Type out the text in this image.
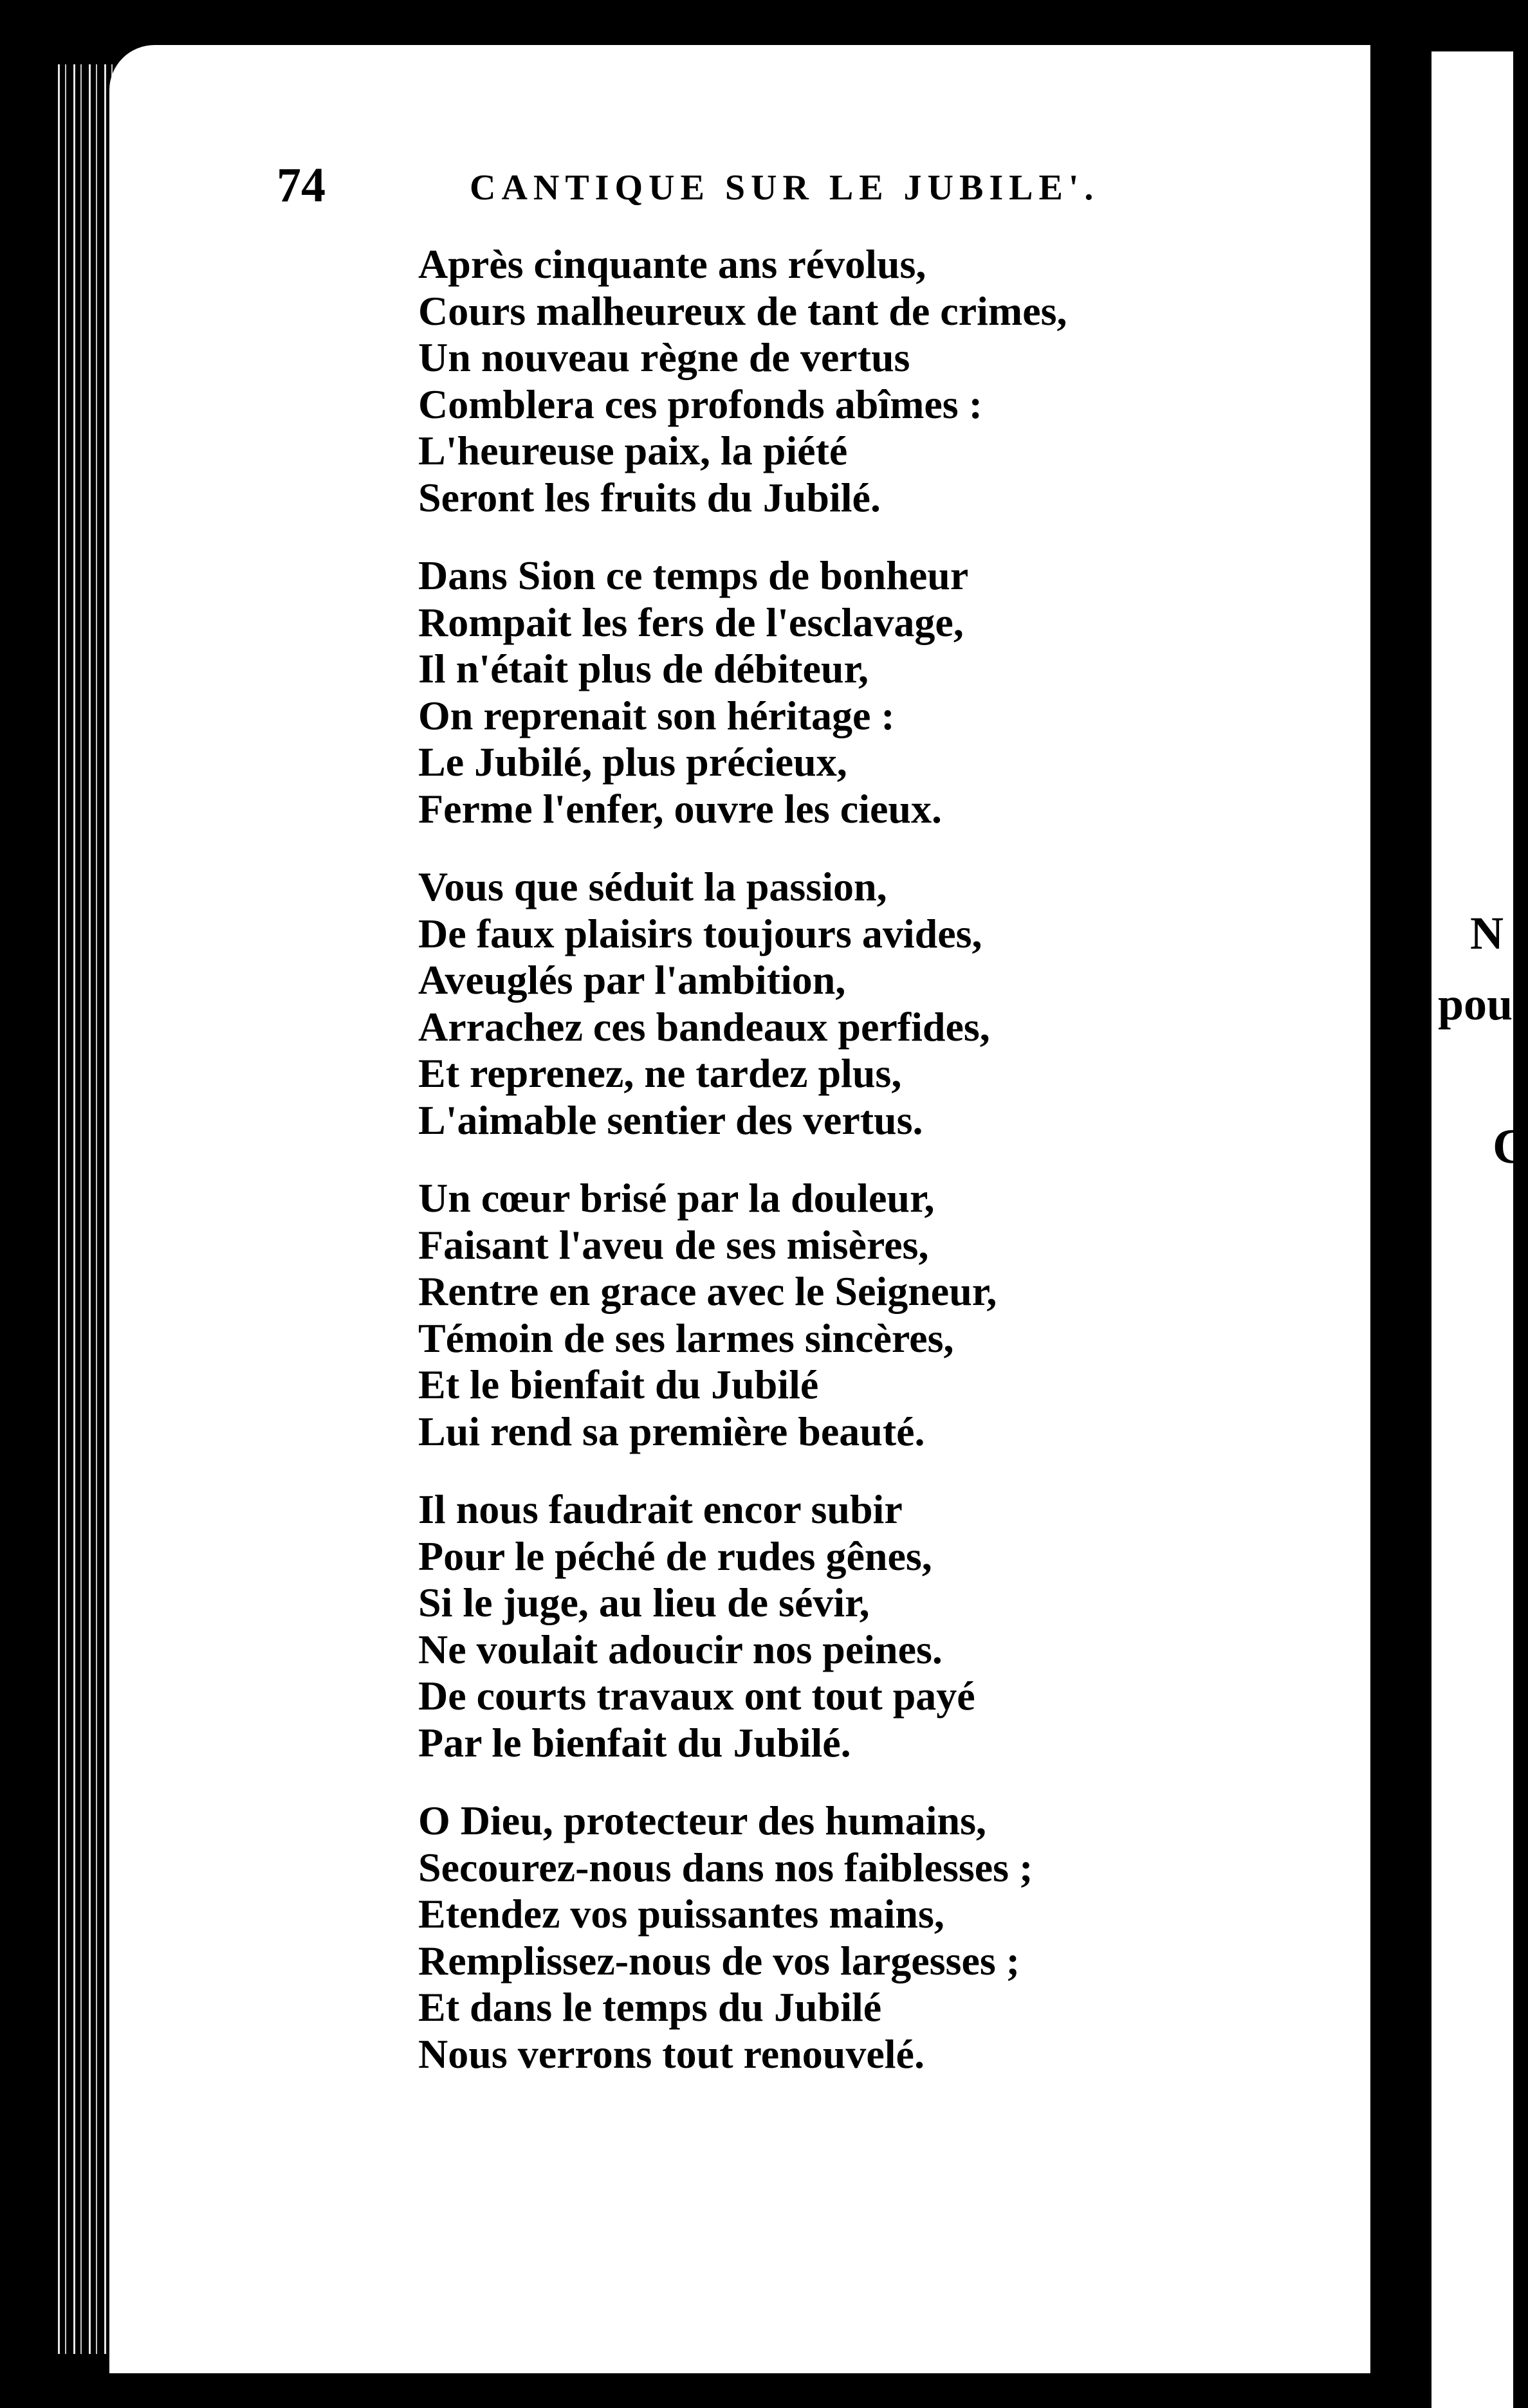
N
pou
C
74	CANTIQUE SUR LE JUBILE'.
Après cinquante ans révolus,
Cours malheureux de tant de crimes,
Un nouveau règne de vertus
Comblera ces profonds abîmes :
L'heureuse paix, la piété
Seront les fruits du Jubilé.
Dans Sion ce temps de bonheur
Rompait les fers de l'esclavage,
Il n'était plus de débiteur,
On reprenait son héritage :
Le Jubilé, plus précieux,
Ferme l'enfer, ouvre les cieux.
Vous que séduit la passion,
De faux plaisirs toujours avides,
Aveuglés par l'ambition,
Arrachez ces bandeaux perfides,
Et reprenez, ne tardez plus,
L'aimable sentier des vertus.
Un cœur brisé par la douleur,
Faisant l'aveu de ses misères,
Rentre en grace avec le Seigneur,
Témoin de ses larmes sincères,
Et le bienfait du Jubilé
Lui rend sa première beauté.
Il nous faudrait encor subir
Pour le péché de rudes gênes,
Si le juge, au lieu de sévir,
Ne voulait adoucir nos peines.
De courts travaux ont tout payé
Par le bienfait du Jubilé.
O Dieu, protecteur des humains,
Secourez-nous dans nos faiblesses ;
Etendez vos puissantes mains,
Remplissez-nous de vos largesses ;
Et dans le temps du Jubilé
Nous verrons tout renouvelé.
